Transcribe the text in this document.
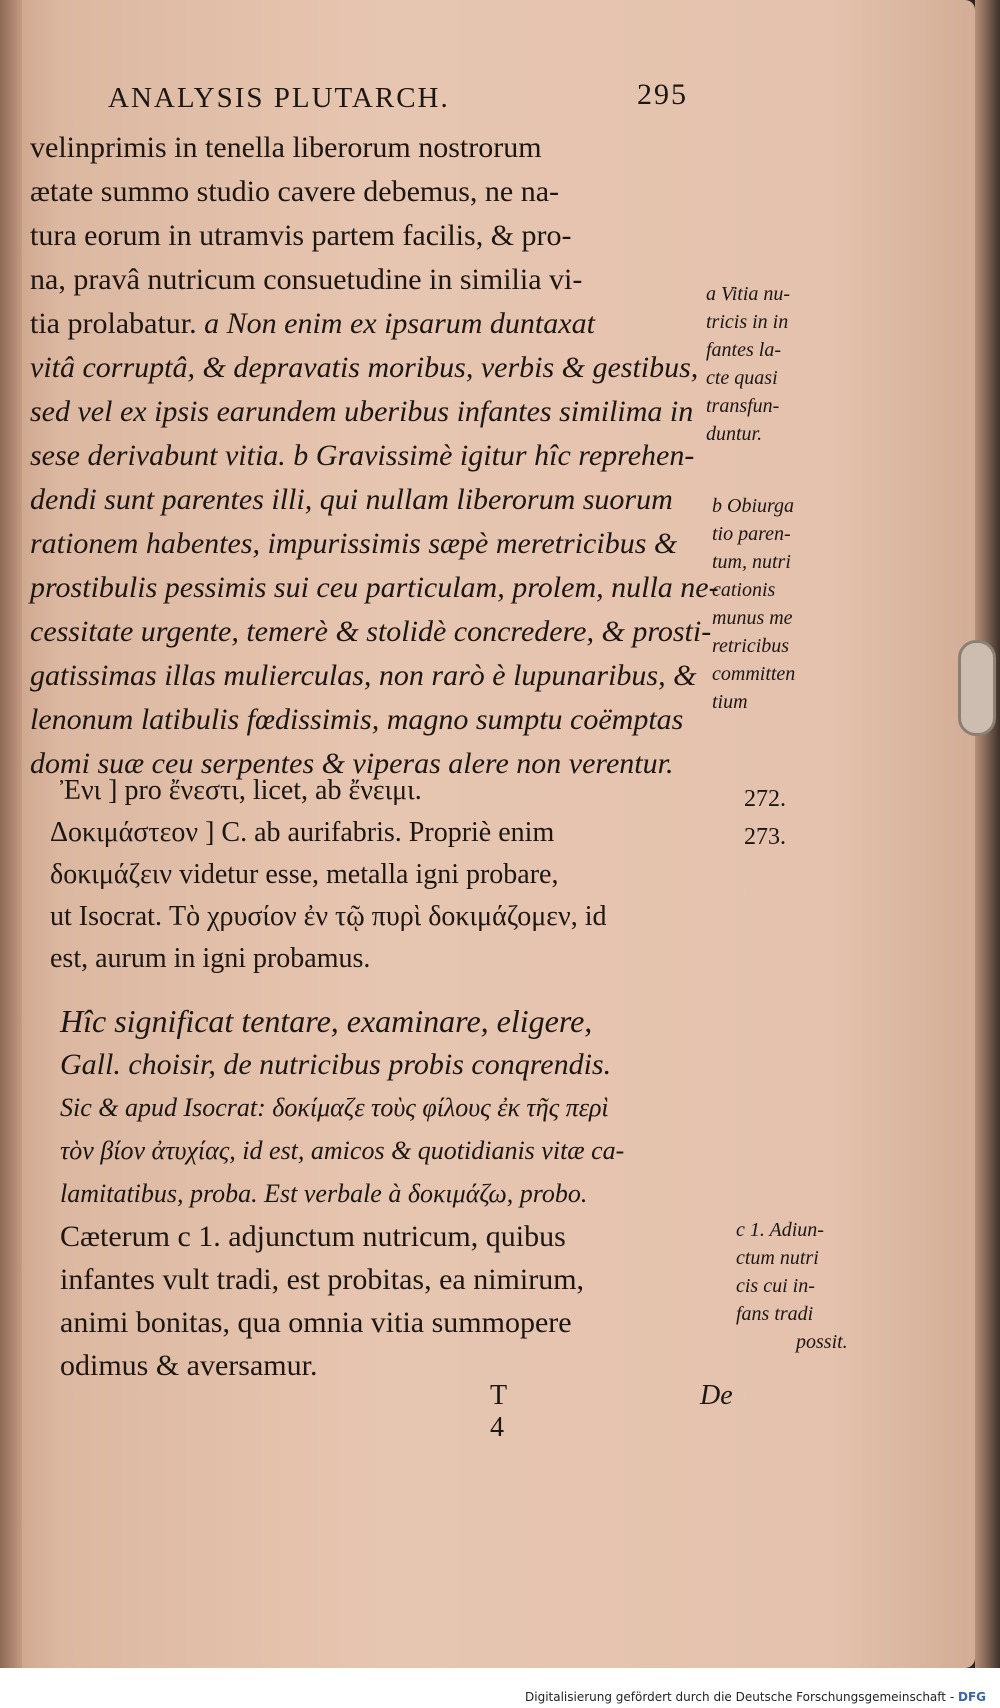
ANALYSIS PLUTARCH.	295
velinprimis in tenella liberorum nostrorum
ætate summo studio cavere debemus, ne na-
tura eorum in utramvis partem facilis, & pro-
na, pravâ nutricum consuetudine in similia vi-
tia prolabatur. a Non enim ex ipsarum duntaxat
vitâ corruptâ, & depravatis moribus, verbis & gestibus,
sed vel ex ipsis earundem uberibus infantes similima in
sese derivabunt vitia. b Gravissimè igitur hîc reprehen-
dendi sunt parentes illi, qui nullam liberorum suorum
rationem habentes, impurissimis sæpè meretricibus &
prostibulis pessimis sui ceu particulam, prolem, nulla ne-
cessitate urgente, temerè & stolidè concredere, & prosti-
gatissimas illas mulierculas, non rarò è lupunaribus, &
lenonum latibulis fœdissimis, magno sumptu coëmptas
domi suæ ceu serpentes & viperas alere non verentur.
Ἐνι ] pro ἔνεστι, licet, ab ἔνειμι.
Δοκιμάστεον ] C. ab aurifabris. Propriè enim
δοκιμάζειν videtur esse, metalla igni probare,
ut Isocrat. Τὸ χρυσίον ἐν τῷ πυρὶ δοκιμάζομεν, id
est, aurum in igni probamus.
Hîc significat tentare, examinare, eligere,
Gall. choisir, de nutricibus probis conqrendis.
Sic & apud Isocrat: δοκίμαζε τοὺς φίλους ἐκ τῆς περὶ
τὸν βίον ἀτυχίας, id est, amicos & quotidianis vitæ ca-
lamitatibus, proba. Est verbale à δοκιμάζω, probo.
Cæterum c 1. adjunctum nutricum, quibus
infantes vult tradi, est probitas, ea nimirum,
animi bonitas, qua omnia vitia summopere
odimus & aversamur.
a Vitia nu-
tricis in in
fantes la-
cte quasi
transfun-
duntur.
b Obiurga
tio paren-
tum, nutri
cationis
munus me
retricibus
committen
tium
272.
273.
c 1. Adiun-
ctum nutri
cis cui in-
fans tradi
possit.
T 4
De
Digitalisierung gefördert durch die Deutsche Forschungsgemeinschaft - DFG
